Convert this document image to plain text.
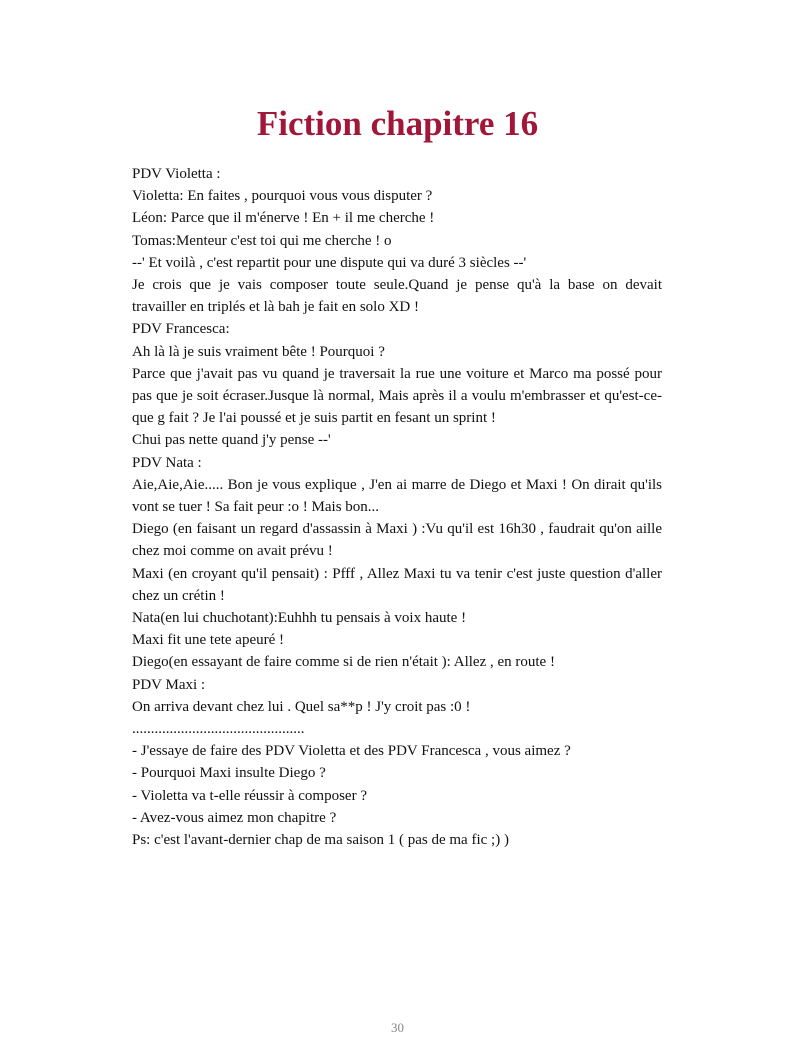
Fiction chapitre 16

PDV Violetta :

Violetta: En faites , pourquoi vous vous disputer ?

Léon: Parce que il m'énerve ! En + il me cherche !

Tomas:Menteur c'est toi qui me cherche ! o

--' Et voilà , c'est repartit pour une dispute qui va duré 3 siècles --'

Je crois que je vais composer toute seule.Quand je pense qu'à la base on devait travailler en triplés et là bah je fait en solo XD !

PDV Francesca:

Ah là là je suis vraiment bête ! Pourquoi ?

Parce que j'avait pas vu quand je traversait la rue une voiture et Marco ma possé pour pas que je soit écraser.Jusque là normal, Mais après il a voulu m'embrasser et qu'est-ce-que g fait ? Je l'ai poussé et je suis partit en fesant un sprint !

Chui pas nette quand j'y pense --'

PDV Nata :

Aie,Aie,Aie..... Bon je vous explique , J'en ai marre de Diego et Maxi ! On dirait qu'ils vont se tuer ! Sa fait peur :o ! Mais bon...

Diego (en faisant un regard d'assassin à Maxi ) :Vu qu'il est 16h30 , faudrait qu'on aille chez moi comme on avait prévu !

Maxi (en croyant qu'il pensait) : Pfff , Allez Maxi tu va tenir c'est juste question d'aller chez un crétin !

Nata(en lui chuchotant):Euhhh tu pensais à voix haute !

Maxi fit une tete apeuré !

Diego(en essayant de faire comme si de rien n'était ): Allez , en route !

PDV Maxi :

On arriva devant chez lui . Quel sa**p ! J'y croit pas :0 !

..............................................

- J'essaye de faire des PDV Violetta et des PDV Francesca , vous aimez ?

- Pourquoi Maxi insulte Diego ?

- Violetta va t-elle réussir à composer ?

- Avez-vous aimez mon chapitre ?

Ps: c'est l'avant-dernier chap de ma saison 1 ( pas de ma fic ;) )

30
